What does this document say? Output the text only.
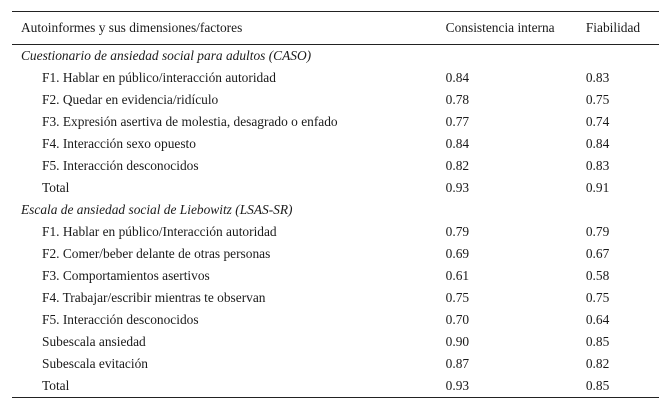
Autoinformes y sus dimensiones/factores	Consistencia interna	Fiabilidad
Cuestionario de ansiedad social para adultos (CASO)		
F1. Hablar en público/interacción autoridad	0.84	0.83
F2. Quedar en evidencia/ridículo	0.78	0.75
F3. Expresión asertiva de molestia, desagrado o enfado	0.77	0.74
F4. Interacción sexo opuesto	0.84	0.84
F5. Interacción desconocidos	0.82	0.83
Total	0.93	0.91
Escala de ansiedad social de Liebowitz (LSAS-SR)		
F1. Hablar en público/Interacción autoridad	0.79	0.79
F2. Comer/beber delante de otras personas	0.69	0.67
F3. Comportamientos asertivos	0.61	0.58
F4. Trabajar/escribir mientras te observan	0.75	0.75
F5. Interacción desconocidos	0.70	0.64
Subescala ansiedad	0.90	0.85
Subescala evitación	0.87	0.82
Total	0.93	0.85
